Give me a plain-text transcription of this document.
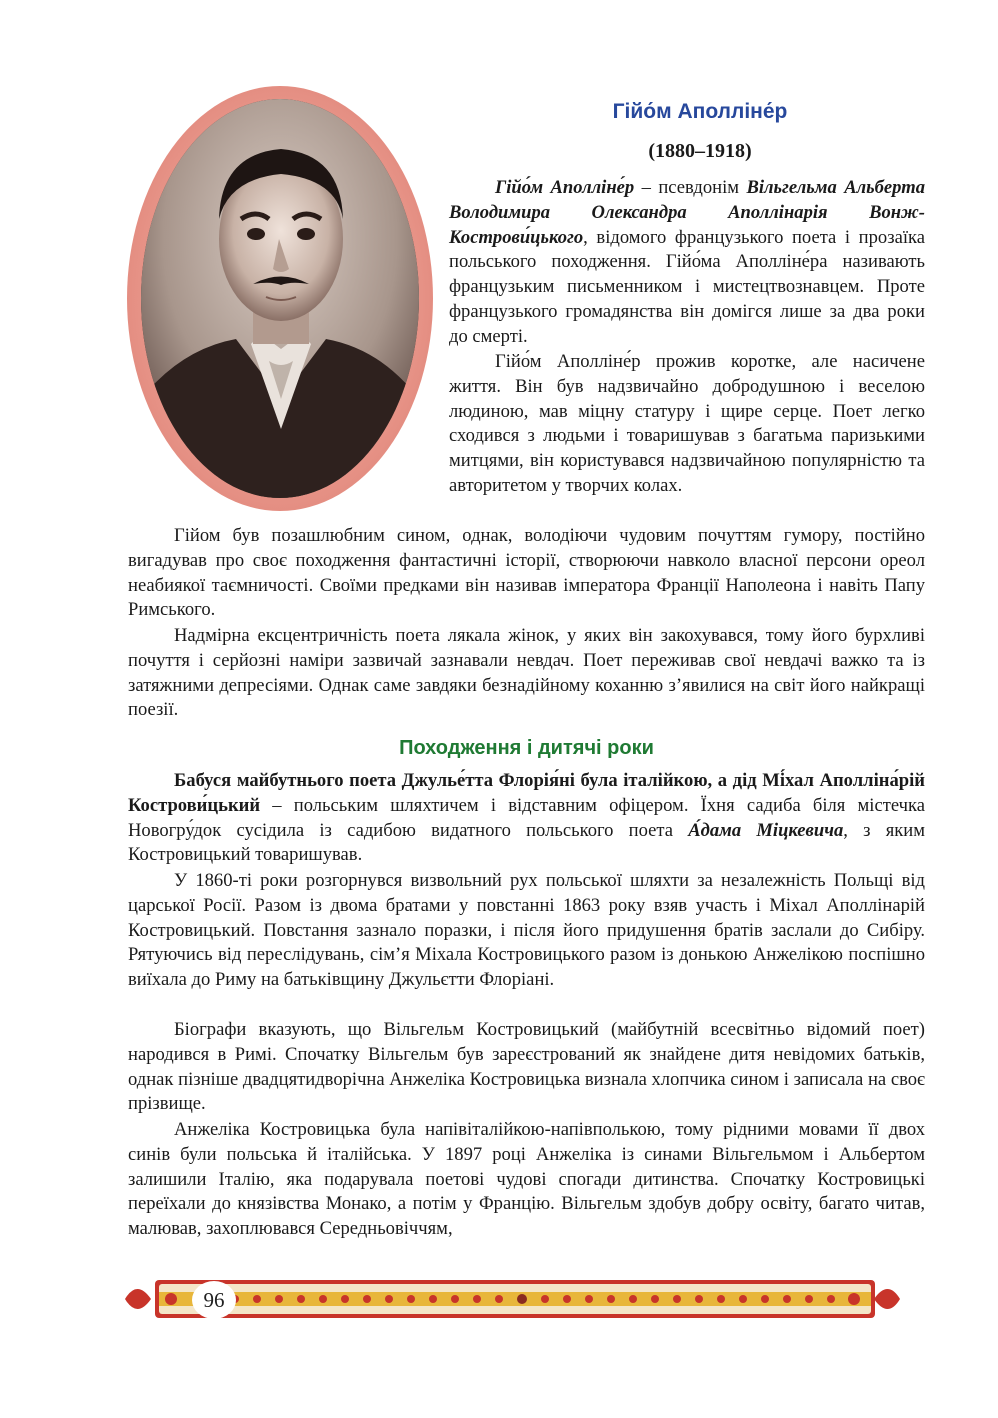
Гійо́м Аполліне́р
(1880–1918)

Гійо́м Аполліне́р – псевдонім Вільгельма Альберта Володимира Олександра Аполлінарія Вонж-Кострови́цького, відомого французького поета і прозаїка польського походження. Гійо́ма Аполліне́ра називають французьким письменником і мистецтвознавцем. Проте французького громадянства він домігся лише за два роки до смерті.

Гійо́м Аполліне́р прожив коротке, але насичене життя. Він був надзвичайно добродушною і веселою людиною, мав міцну статуру і щире серце. Поет легко сходився з людьми і товаришував з багатьма паризькими митцями, він користувався надзвичайною популярністю та авторитетом у творчих колах.

Гійом був позашлюбним сином, однак, володіючи чудовим почуттям гумору, постійно вигадував про своє походження фантастичні історії, створюючи навколо власної персони ореол неабиякої таємничості. Своїми предками він називав імператора Франції Наполеона і навіть Папу Римського.

Надмірна ексцентричність поета лякала жінок, у яких він закохувався, тому його бурхливі почуття і серйозні наміри зазвичай зазнавали невдач. Поет переживав свої невдачі важко та із затяжними депресіями. Однак саме завдяки безнадійному коханню з’явилися на світ його найкращі поезії.

Походження і дитячі роки

Бабуся майбутнього поета Джулье́тта Флорія́ні була італійкою, а дід Мі́хал Аполліна́рій Кострови́цький – польським шляхтичем і відставним офіцером. Їхня садиба біля містечка Новогру́док сусідила із садибою видатного польського поета А́дама Міцкевича, з яким Костровицький товаришував.

У 1860-ті роки розгорнувся визвольний рух польської шляхти за незалежність Польщі від царської Росії. Разом із двома братами у повстанні 1863 року взяв участь і Міхал Аполлінарій Костровицький. Повстання зазнало поразки, і після його придушення братів заслали до Сибіру. Рятуючись від переслідувань, сім’я Міхала Костровицького разом із донькою Анжелікою поспішно виїхала до Риму на батьківщину Джульєтти Флоріані.

Біографи вказують, що Вільгельм Костровицький (майбутній всесвітньо відомий поет) народився в Римі. Спочатку Вільгельм був зареєстрований як знайдене дитя невідомих батьків, однак пізніше двадцятидворічна Анжеліка Костровицька визнала хлопчика сином і записала на своє прізвище.

Анжеліка Костровицька була напівіталійкою-напівполькою, тому рідними мовами її двох синів були польська й італійська. У 1897 році Анжеліка із синами Вільгельмом і Альбертом залишили Італію, яка подарувала поетові чудові спогади дитинства. Спочатку Костровицькі переїхали до князівства Монако, а потім у Францію. Вільгельм здобув добру освіту, багато читав, малював, захоплювався Середньовіччям,

96
